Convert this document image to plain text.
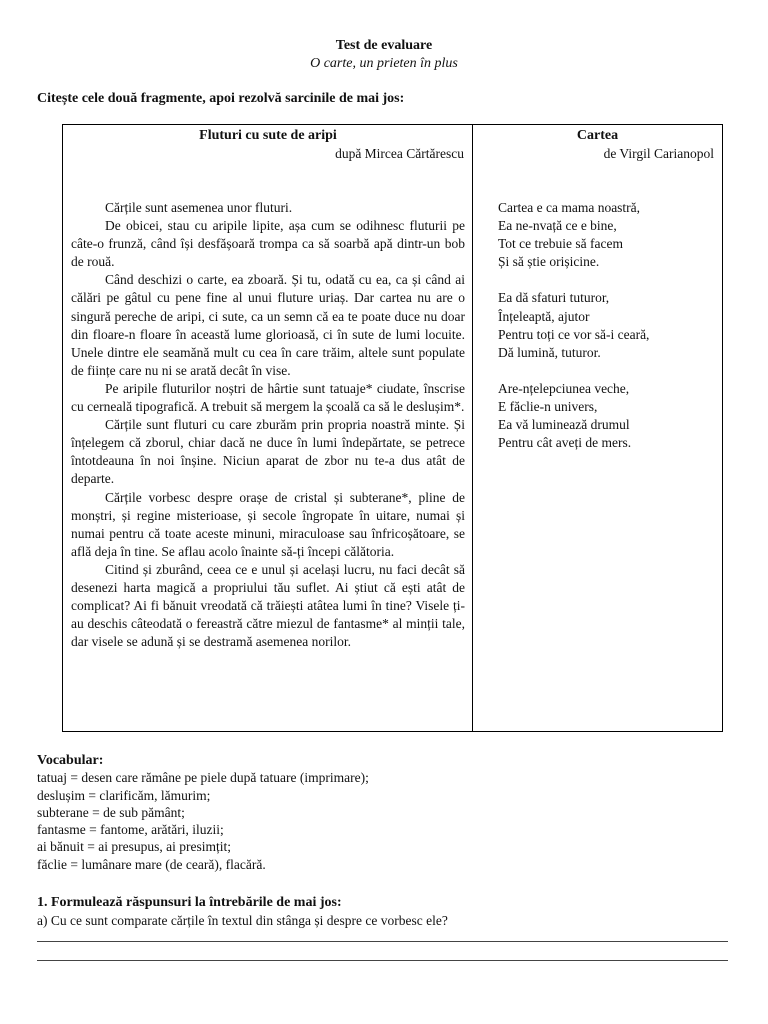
Test de evaluare
O carte, un prieten în plus
Citește cele două fragmente, apoi rezolvă sarcinile de mai jos:
Fluturi cu sute de aripi
după Mircea Cărtărescu

Cărțile sunt asemenea unor fluturi.

De obicei, stau cu aripile lipite, așa cum se odihnesc fluturii pe câte-o frunză, când își desfășoară trompa ca să soarbă apă dintr-un bob de rouă.

Când deschizi o carte, ea zboară. Și tu, odată cu ea, ca și când ai călări pe gâtul cu pene fine al unui fluture uriaș. Dar cartea nu are o singură pereche de aripi, ci sute, ca un semn că ea te poate duce nu doar din floare-n floare în această lume glorioasă, ci în sute de lumi locuite. Unele dintre ele seamănă mult cu cea în care trăim, altele sunt populate de ființe care nu ni se arată decât în vise.

Pe aripile fluturilor noștri de hârtie sunt tatuaje* ciudate, înscrise cu cerneală tipografică. A trebuit să mergem la școală ca să le deslușim*.

Cărțile sunt fluturi cu care zburăm prin propria noastră minte. Și înțelegem că zborul, chiar dacă ne duce în lumi îndepărtate, se petrece întotdeauna în noi înșine. Niciun aparat de zbor nu te-a dus atât de departe.

Cărțile vorbesc despre orașe de cristal și subterane*, pline de monștri, și regine misterioase, și secole îngropate în uitare, numai și numai pentru că toate aceste minuni, miraculoase sau înfricoșătoare, se află deja în tine. Se aflau acolo înainte să-ți începi călătoria.

Citind și zburând, ceea ce e unul și același lucru, nu faci decât să desenezi harta magică a propriului tău suflet. Ai știut că ești atât de complicat? Ai fi bănuit vreodată că trăiești atâtea lumi în tine? Visele ți-au deschis câteodată o fereastră către miezul de fantasme* al minții tale, dar visele se adună și se destramă asemenea norilor.

Cartea
de Virgil Carianopol
Cartea e ca mama noastră,
Ea ne-nvață ce e bine,
Tot ce trebuie să facem
Și să știe orișicine.
Ea dă sfaturi tuturor,
Înțeleaptă, ajutor
Pentru toți ce vor să-i ceară,
Dă lumină, tuturor.
Are-nțelepciunea veche,
E făclie-n univers,
Ea vă luminează drumul
Pentru cât aveți de mers.
Vocabular:
tatuaj = desen care rămâne pe piele după tatuare (imprimare);
deslușim = clarificăm, lămurim;
subterane = de sub pământ;
fantasme = fantome, arătări, iluzii;
ai bănuit = ai presupus, ai presimțit;
făclie = lumânare mare (de ceară), flacără.
1. Formulează răspunsuri la întrebările de mai jos:
a) Cu ce sunt comparate cărțile în textul din stânga și despre ce vorbesc ele?
